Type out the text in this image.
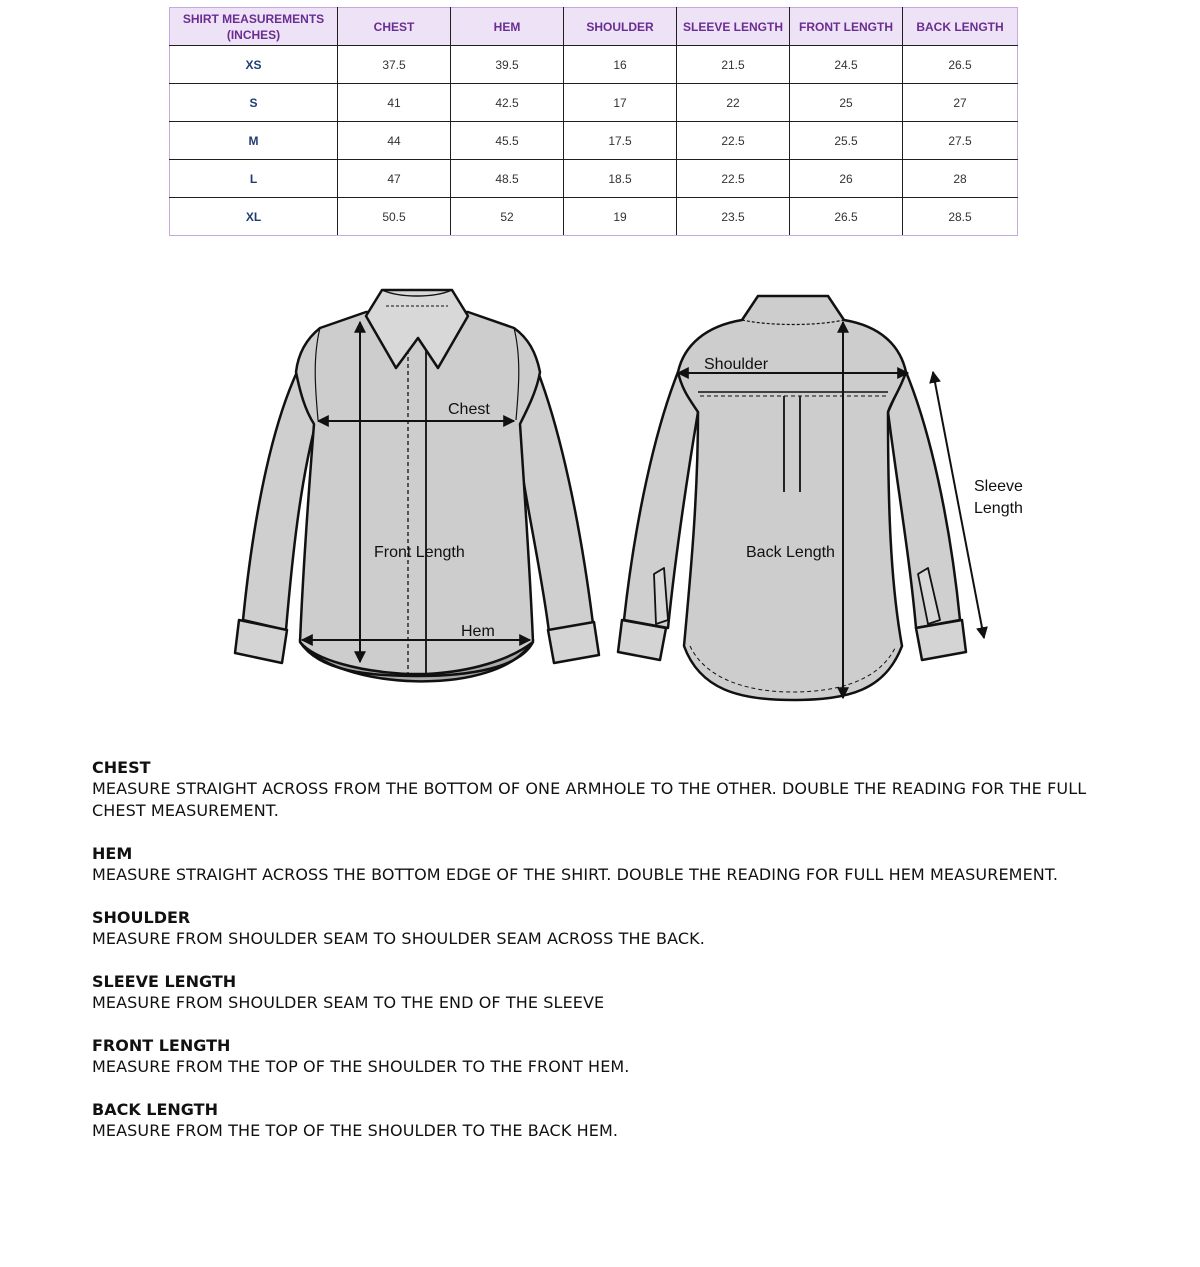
SHIRT MEASUREMENTS (INCHES)	CHEST	HEM	SHOULDER	SLEEVE LENGTH	FRONT LENGTH	BACK LENGTH
XS	37.5	39.5	16	21.5	24.5	26.5
S	41	42.5	17	22	25	27
M	44	45.5	17.5	22.5	25.5	27.5
L	47	48.5	18.5	22.5	26	28
XL	50.5	52	19	23.5	26.5	28.5
Chest
Front Length
Hem
Shoulder
Back Length
Sleeve
Length
CHEST
MEASURE STRAIGHT ACROSS FROM THE BOTTOM OF ONE ARMHOLE TO THE OTHER. DOUBLE THE READING FOR THE FULL CHEST MEASUREMENT.
HEM
MEASURE STRAIGHT ACROSS THE BOTTOM EDGE OF THE SHIRT. DOUBLE THE READING FOR FULL HEM MEASUREMENT.
SHOULDER
MEASURE FROM SHOULDER SEAM TO SHOULDER SEAM ACROSS THE BACK.
SLEEVE LENGTH
MEASURE FROM SHOULDER SEAM TO THE END OF THE SLEEVE
FRONT LENGTH
MEASURE FROM THE TOP OF THE SHOULDER TO THE FRONT HEM.
BACK LENGTH
MEASURE FROM THE TOP OF THE SHOULDER TO THE BACK HEM.
